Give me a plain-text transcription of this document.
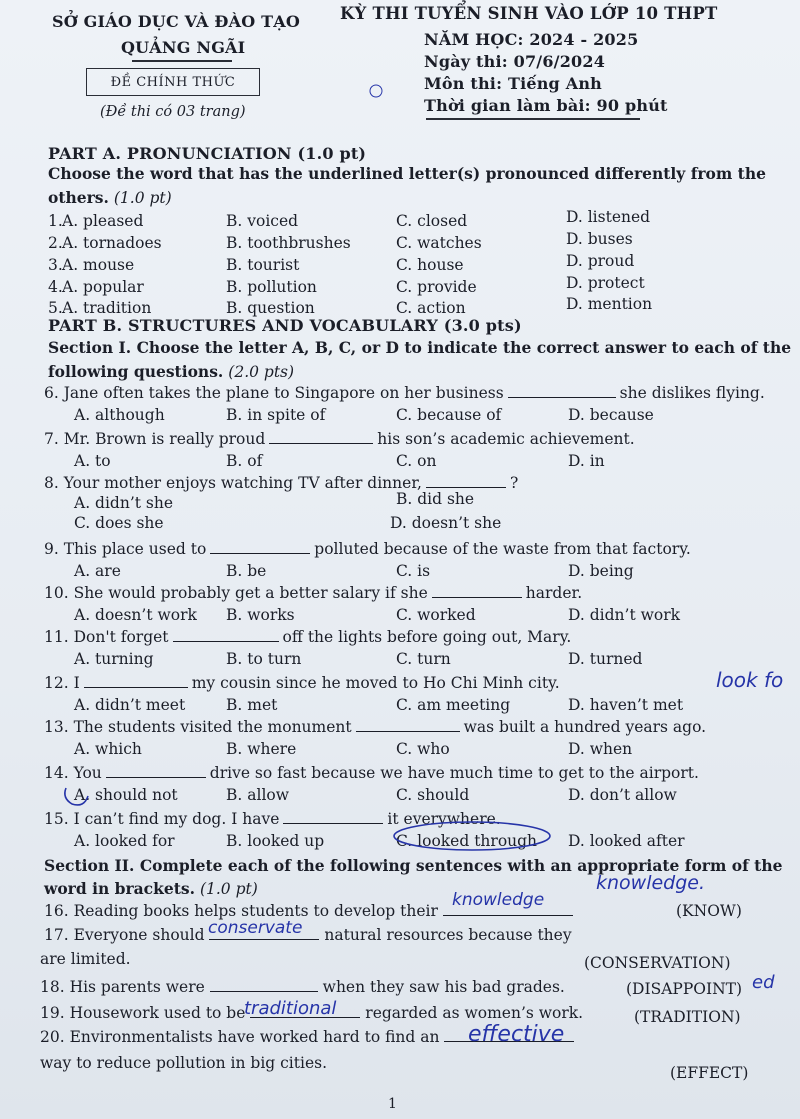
SỞ GIÁO DỤC VÀ ĐÀO TẠO
QUẢNG NGÃI
ĐỀ CHÍNH THỨC
(Đề thi có 03 trang)
KỲ THI TUYỂN SINH VÀO LỚP 10 THPT
NĂM HỌC: 2024 - 2025
Ngày thi: 07/6/2024
Môn thi: Tiếng Anh
Thời gian làm bài: 90 phút
PART A. PRONUNCIATION (1.0 pt)
Choose the word that has the underlined letter(s) pronounced differently from the
others. (1.0 pt)
1. A. pleased	B. voiced	C. closed	D. listened
2. A. tornadoes	B. toothbrushes	C. watches	D. buses
3. A. mouse	B. tourist	C. house	D. proud
4. A. popular	B. pollution	C. provide	D. protect
5. A. tradition	B. question	C. action	D. mention
PART B. STRUCTURES AND VOCABULARY (3.0 pts)
Section I. Choose the letter A, B, C, or D to indicate the correct answer to each of the
following questions. (2.0 pts)
6. Jane often takes the plane to Singapore on her business	she dislikes flying.
A. although	B. in spite of	C. because of	D. because
7. Mr. Brown is really proud	his son’s academic achievement.
A. to	B. of	C. on	D. in
8. Your mother enjoys watching TV after dinner,	?
A. didn’t she	B. did she
C. does she	D. doesn’t she
9. This place used to	polluted because of the waste from that factory.
A. are	B. be	C. is	D. being
10. She would probably get a better salary if she	harder.
A. doesn’t work B. works	C. worked	D. didn’t work
11. Don't forget	off the lights before going out, Mary.
A. turning	B. to turn	C. turn	D. turned
12. I	my cousin since he moved to Ho Chi Minh city.
A. didn’t meet	B. met	C. am meeting	D. haven’t met
13. The students visited the monument	was built a hundred years ago.
A. which	B. where	C. who	D. when
14. You	drive so fast because we have much time to get to the airport.
A. should not	B. allow	C. should	D. don’t allow
15. I can’t find my dog. I have	it everywhere.
A. looked for	B. looked up	C. looked through D. looked after
Section II. Complete each of the following sentences with an appropriate form of the
word in brackets. (1.0 pt)
16. Reading books helps students to develop their	(KNOW)
17. Everyone should	natural resources because they
are limited.	(CONSERVATION)
18. His parents were	when they saw his bad grades.	(DISAPPOINT)
19. Housework used to be	regarded as women’s work.	(TRADITION)
20. Environmentalists have worked hard to find an
way to reduce pollution in big cities.
(EFFECT)
look fo
knowledge
knowledge.
conservate
ed
traditional
effective
1
